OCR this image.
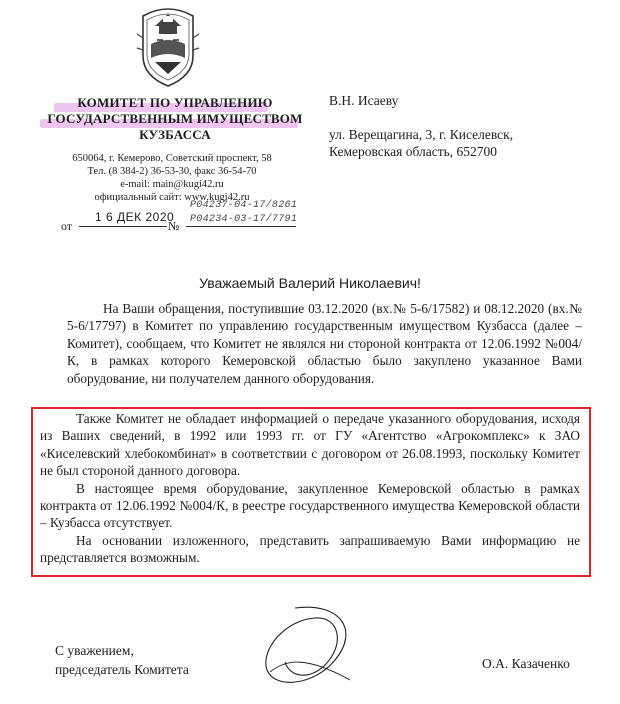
КОМИТЕТ ПО УПРАВЛЕНИЮ
ГОСУДАРСТВЕННЫМ ИМУЩЕСТВОМ
КУЗБАССА
650064, г. Кемерово, Советский проспект, 58
Тел. (8 384-2) 36-53-30, факс 36-54-70
e-mail: main@kugi42.ru
официальный сайт: www.kugi42.ru
P04237-04-17/8261
P04234-03-17/7791
от
1 6 ДЕК 2020
№
В.Н. Исаеву
ул. Верещагина, 3, г. Киселевск,
Кемеровская область, 652700
Уважаемый Валерий Николаевич!

На Ваши обращения, поступившие 03.12.2020 (вх.№ 5-6/17582) и 08.12.2020 (вх.№ 5-6/17797) в Комитет по управлению государственным имуществом Кузбасса (далее – Комитет), сообщаем, что Комитет не являлся ни стороной контракта от 12.06.1992 №004/К, в рамках которого Кемеровской областью было закуплено указанное Вами оборудование, ни получателем данного оборудования.

Также Комитет не обладает информацией о передаче указанного оборудования, исходя из Ваших сведений, в 1992 или 1993 гг. от ГУ «Агентство «Агрокомплекс» к ЗАО «Киселевский хлебокомбинат» в соответствии с договором от 26.08.1993, поскольку Комитет не был стороной данного договора.

В настоящее время оборудование, закупленное Кемеровской областью в рамках контракта от 12.06.1992 №004/К, в реестре государственного имущества Кемеровской области – Кузбасса отсутствует.

На основании изложенного, представить запрашиваемую Вами информацию не представляется возможным.

С уважением,
председатель Комитета	О.А. Казаченко
